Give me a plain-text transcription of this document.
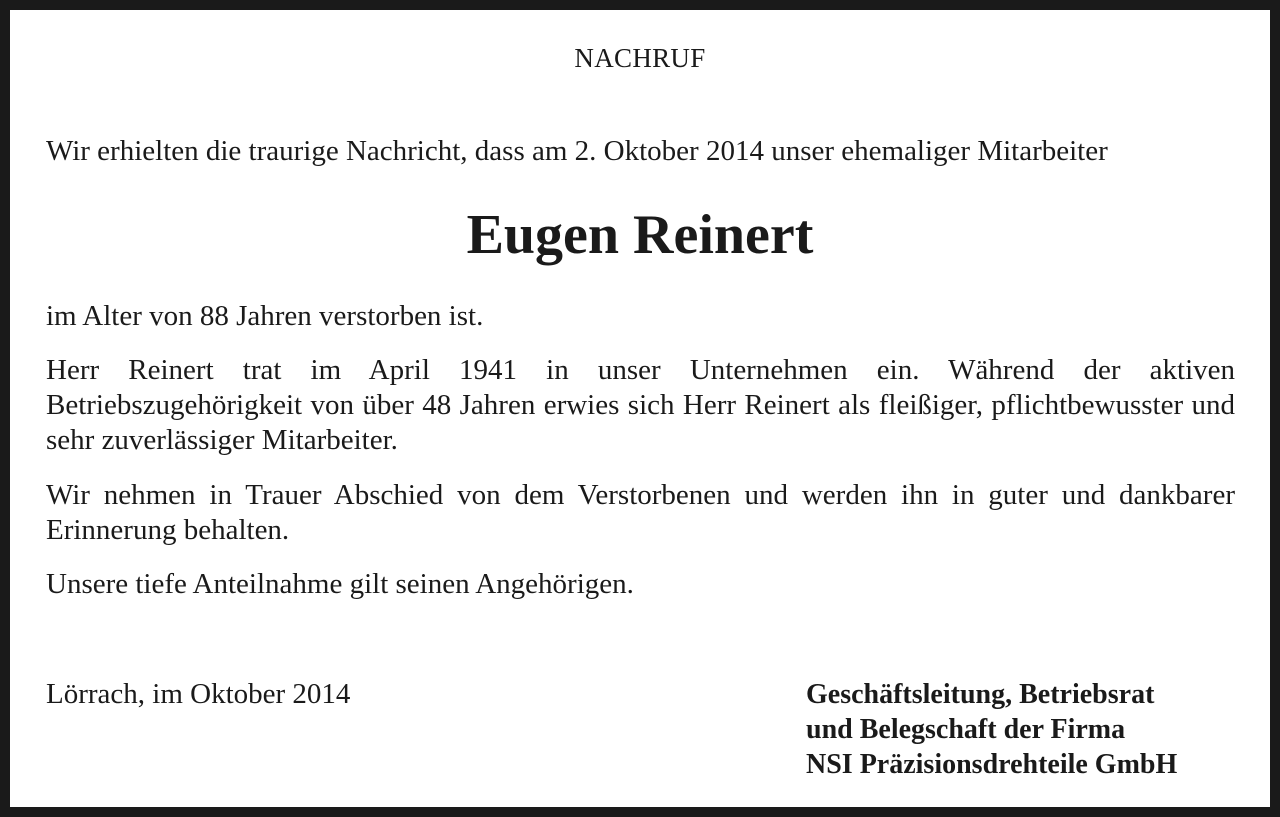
NACHRUF
Wir erhielten die traurige Nachricht, dass am 2. Oktober 2014 unser ehemaliger Mitarbeiter
Eugen Reinert
im Alter von 88 Jahren verstorben ist.
Herr Reinert trat im April 1941 in unser Unternehmen ein. Während der aktiven Betriebszugehörigkeit von über 48 Jahren erwies sich Herr Reinert als fleißiger, pflichtbewusster und sehr zuverlässiger Mitarbeiter.
Wir nehmen in Trauer Abschied von dem Verstorbenen und werden ihn in guter und dankbarer Erinnerung behalten.
Unsere tiefe Anteilnahme gilt seinen Angehörigen.
Lörrach, im Oktober 2014	Geschäftsleitung, Betriebsrat
und Belegschaft der Firma
NSI Präzisionsdrehteile GmbH
